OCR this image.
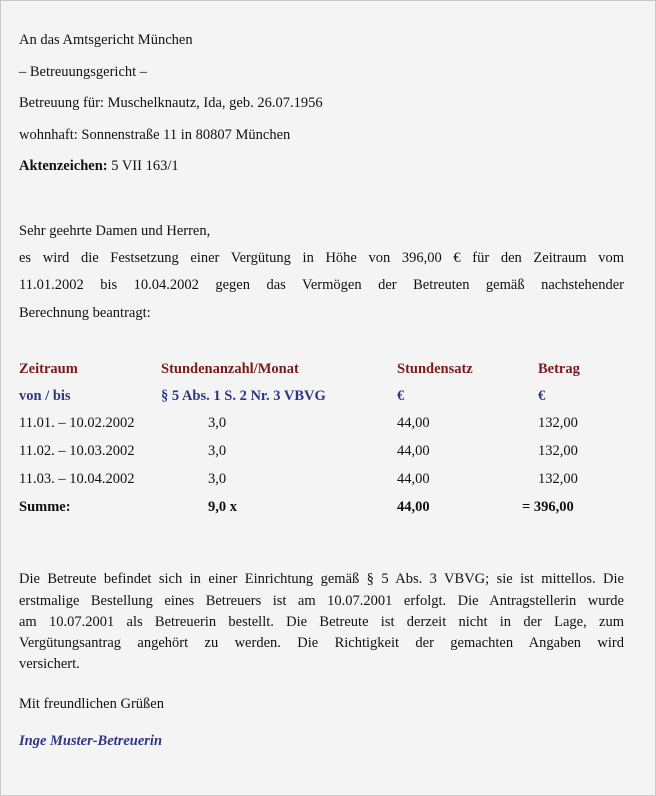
An das Amtsgericht München
– Betreuungsgericht –
Betreuung für: Muschelknautz, Ida, geb. 26.07.1956
wohnhaft: Sonnenstraße 11 in 80807 München
Aktenzeichen: 5 VII 163/1
Sehr geehrte Damen und Herren,
es wird die Festsetzung einer Vergütung in Höhe von 396,00 € für den Zeitraum vom
11.01.2002 bis 10.04.2002 gegen das Vermögen der Betreuten gemäß nachstehender
Berechnung beantragt:
Zeitraum	Stundenanzahl/Monat	Stundensatz	Betrag
von / bis	§ 5 Abs. 1 S. 2 Nr. 3 VBVG	€	€
11.01. – 10.02.2002	3,0	44,00	132,00
11.02. – 10.03.2002	3,0	44,00	132,00
11.03. – 10.04.2002	3,0	44,00	132,00
Summe:	9,0 x	44,00	= 396,00
Die Betreute befindet sich in einer Einrichtung gemäß § 5 Abs. 3 VBVG; sie ist mittellos. Die
erstmalige Bestellung eines Betreuers ist am 10.07.2001 erfolgt. Die Antragstellerin wurde
am 10.07.2001 als Betreuerin bestellt. Die Betreute ist derzeit nicht in der Lage, zum
Vergütungsantrag angehört zu werden. Die Richtigkeit der gemachten Angaben wird
versichert.
Mit freundlichen Grüßen
Inge Muster-Betreuerin
